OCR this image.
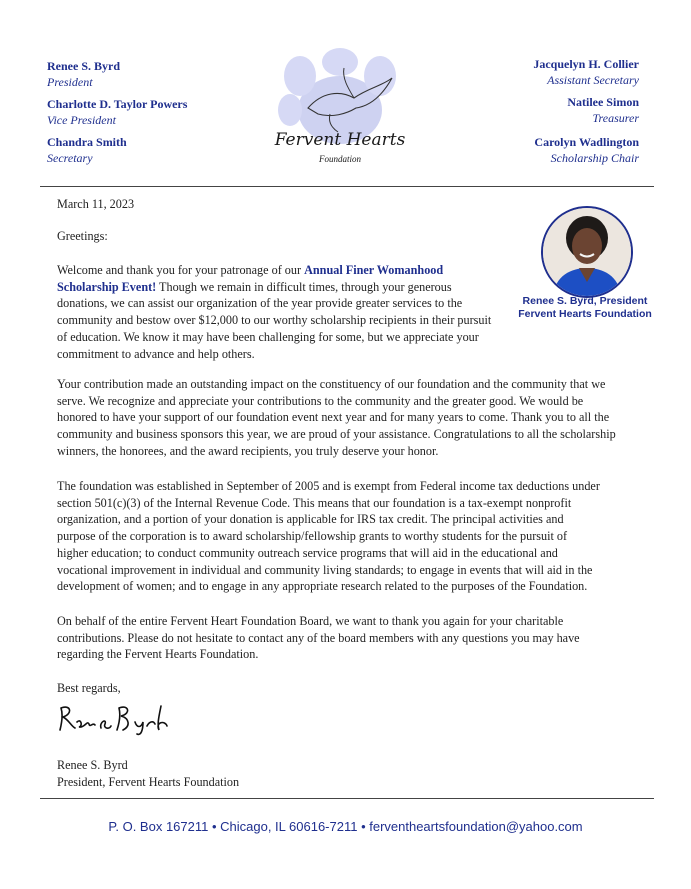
Renee S. Byrd
President
Charlotte D. Taylor Powers
Vice President
Chandra Smith
Secretary
Jacquelyn H. Collier
Assistant Secretary
Natilee Simon
Treasurer
Carolyn Wadlington
Scholarship Chair
Fervent Hearts
Foundation
March 11, 2023
Greetings:
Welcome and thank you for your patronage of our Annual Finer Womanhood
Scholarship Event! Though we remain in difficult times, through your generous
donations, we can assist our organization of the year provide greater services to the
community and bestow over $12,000 to our worthy scholarship recipients in their pursuit
of education. We know it may have been challenging for some, but we appreciate your
commitment to advance and help others.
Renee S. Byrd, President
Fervent Hearts Foundation
Your contribution made an outstanding impact on the constituency of our foundation and the community that we
serve. We recognize and appreciate your contributions to the community and the greater good. We would be
honored to have your support of our foundation event next year and for many years to come. Thank you to all the
community and business sponsors this year, we are proud of your assistance. Congratulations to all the scholarship
winners, the honorees, and the award recipients, you truly deserve your honor.
The foundation was established in September of 2005 and is exempt from Federal income tax deductions under
section 501(c)(3) of the Internal Revenue Code. This means that our foundation is a tax-exempt nonprofit
organization, and a portion of your donation is applicable for IRS tax credit. The principal activities and
purpose of the corporation is to award scholarship/fellowship grants to worthy students for the pursuit of
higher education; to conduct community outreach service programs that will aid in the educational and
vocational improvement in individual and community living standards; to engage in events that will aid in the
development of women; and to engage in any appropriate research related to the purposes of the Foundation.
On behalf of the entire Fervent Heart Foundation Board, we want to thank you again for your charitable
contributions. Please do not hesitate to contact any of the board members with any questions you may have
regarding the Fervent Hearts Foundation.
Best regards,
Renee S. Byrd
President, Fervent Hearts Foundation
P. O. Box 167211 • Chicago, IL 60616-7211 • ferventheartsfoundation@yahoo.com
